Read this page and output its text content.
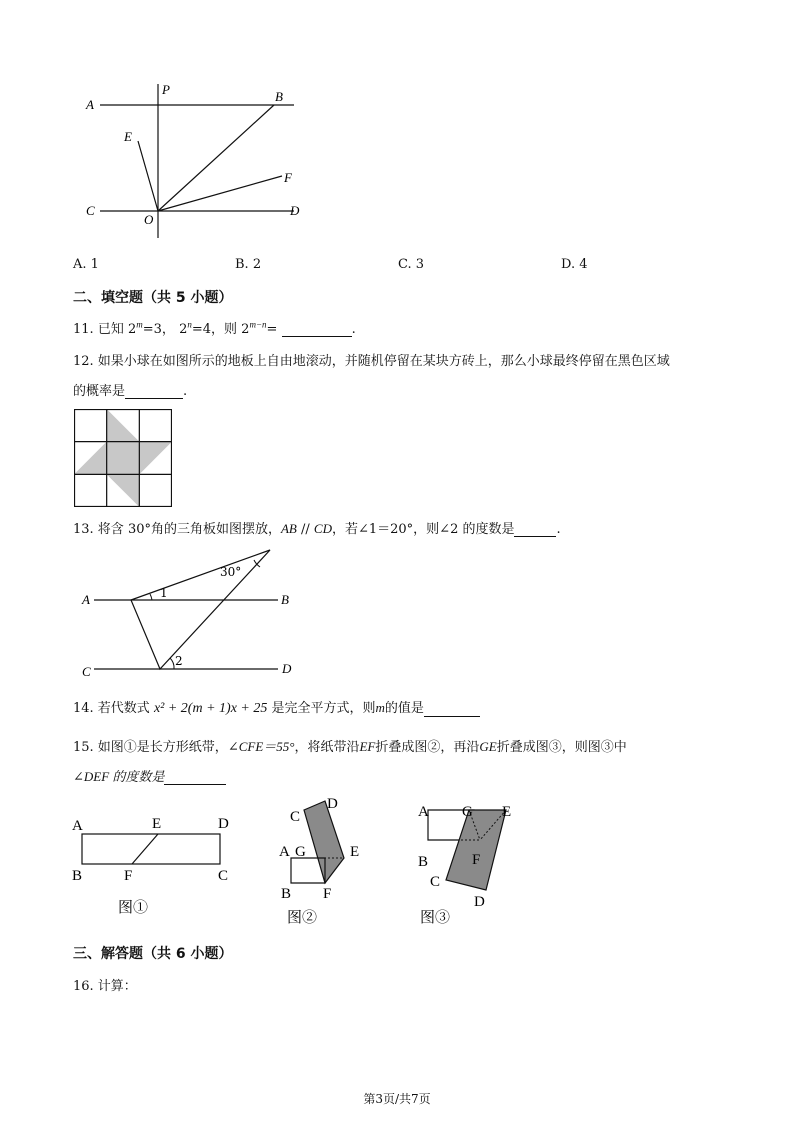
A
P	B
E
F
C
O
D
A. 1	B. 2	C. 3	D. 4
二、填空题（共 5 小题）
11. 已知 $2^m=3$， $2^n=4$，则 $2^{m-n}=$	.
12. 如果小球在如图所示的地板上自由地滚动，并随机停留在某块方砖上，那么小球最终停留在黑色区域
的概率是	.
13. 将含 30°角的三角板如图摆放，AB // CD，若∠1＝20°，则∠2 的度数是	.
A	B
C	D
30°
1
2
14. 若代数式 x² + 2(m + 1)x + 25 是完全平方式，则m的值是
15. 如图①是长方形纸带，∠CFE＝55°，将纸带沿EF折叠成图②，再沿GE折叠成图③，则图③中
∠DEF 的度数是
A	E	D
B	F	C
图①
C
D
A G	E
B F
图②
A G E
B	F
C
D
图③
三、解答题（共 6 小题）
16. 计算：
第3页/共7页
